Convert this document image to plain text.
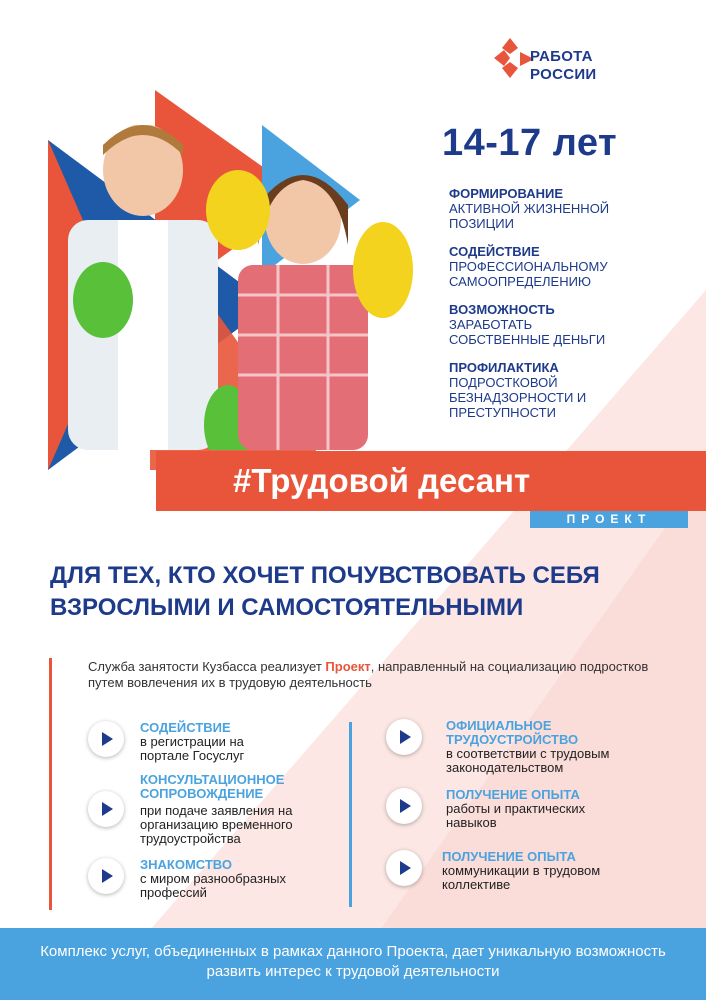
РАБОТА
РОССИИ
14-17 лет
ФОРМИРОВАНИЕ
АКТИВНОЙ ЖИЗНЕННОЙ ПОЗИЦИИ
СОДЕЙСТВИЕ
ПРОФЕССИОНАЛЬНОМУ САМООПРЕДЕЛЕНИЮ
ВОЗМОЖНОСТЬ
ЗАРАБОТАТЬ СОБСТВЕННЫЕ ДЕНЬГИ
ПРОФИЛАКТИКА
ПОДРОСТКОВОЙ БЕЗНАДЗОРНОСТИ И ПРЕСТУПНОСТИ
#Трудовой десант
ПРОЕКТ
ДЛЯ ТЕХ, КТО ХОЧЕТ ПОЧУВСТВОВАТЬ СЕБЯ ВЗРОСЛЫМИ И САМОСТОЯТЕЛЬНЫМИ
Служба занятости Кузбасса реализует Проект, направленный на социализацию подростков путем вовлечения их в трудовую деятельность
СОДЕЙСТВИЕ
в регистрации на портале Госуслуг
КОНСУЛЬТАЦИОННОЕ СОПРОВОЖДЕНИЕ
при подаче заявления на организацию временного трудоустройства
ЗНАКОМСТВО
с миром разнообразных профессий
ОФИЦИАЛЬНОЕ ТРУДОУСТРОЙСТВО
в соответствии с трудовым законодательством
ПОЛУЧЕНИЕ ОПЫТА
работы и практических навыков
ПОЛУЧЕНИЕ ОПЫТА
коммуникации в трудовом коллективе
Комплекс услуг, объединенных в рамках данного Проекта, дает уникальную возможность развить интерес к трудовой деятельности
